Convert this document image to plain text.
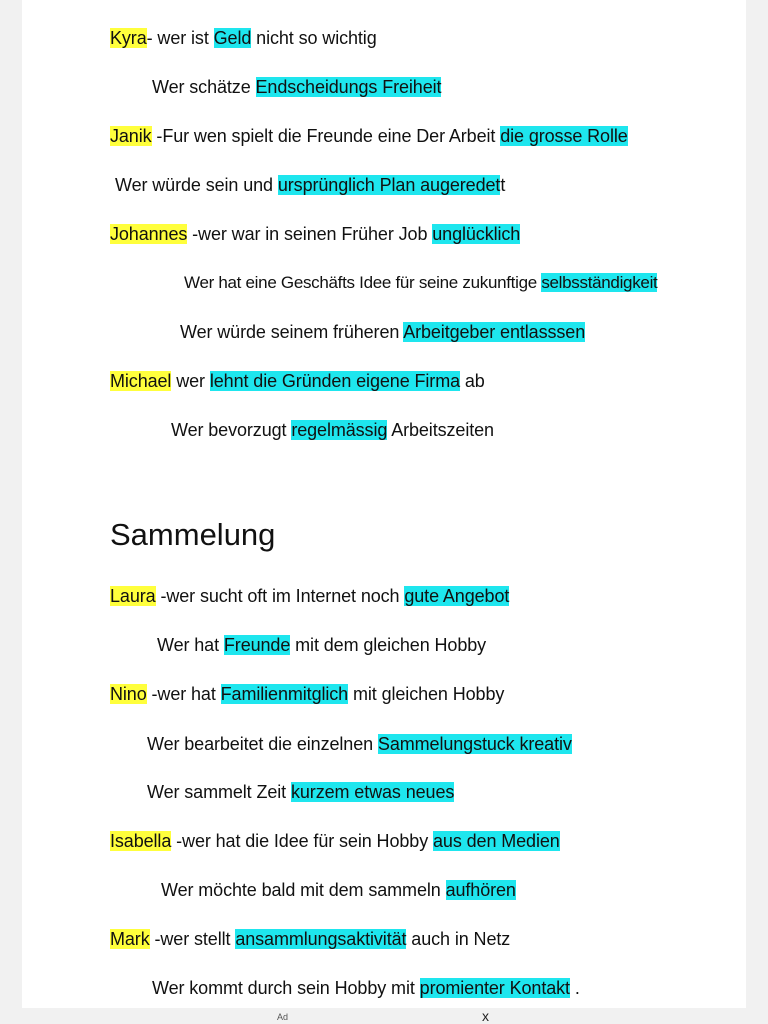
Kyra- wer ist Geld nicht so wichtig
Wer schätze Endscheidungs Freiheit
Janik -Fur wen spielt die Freunde eine Der Arbeit die grosse Rolle
Wer würde sein und ursprünglich Plan augeredett
Johannes -wer war in seinen Früher Job unglücklich
Wer hat eine Geschäfts Idee für seine zukunftige selbsständigkeit
Wer würde seinem früheren Arbeitgeber entlasssen
Michael wer lehnt die Gründen eigene Firma ab
Wer bevorzugt regelmässig Arbeitszeiten
Sammelung
Laura -wer sucht oft im Internet noch gute Angebot
Wer hat Freunde mit dem gleichen Hobby
Nino -wer hat Familienmitglich mit gleichen Hobby
Wer bearbeitet die einzelnen Sammelungstuck kreativ
Wer sammelt Zeit kurzem etwas neues
Isabella -wer hat die Idee für sein Hobby aus den Medien
Wer möchte bald mit dem sammeln aufhören
Mark -wer stellt ansammlungsaktivität auch in Netz
Wer kommt durch sein Hobby mit promienter Kontakt .
Ad	x
